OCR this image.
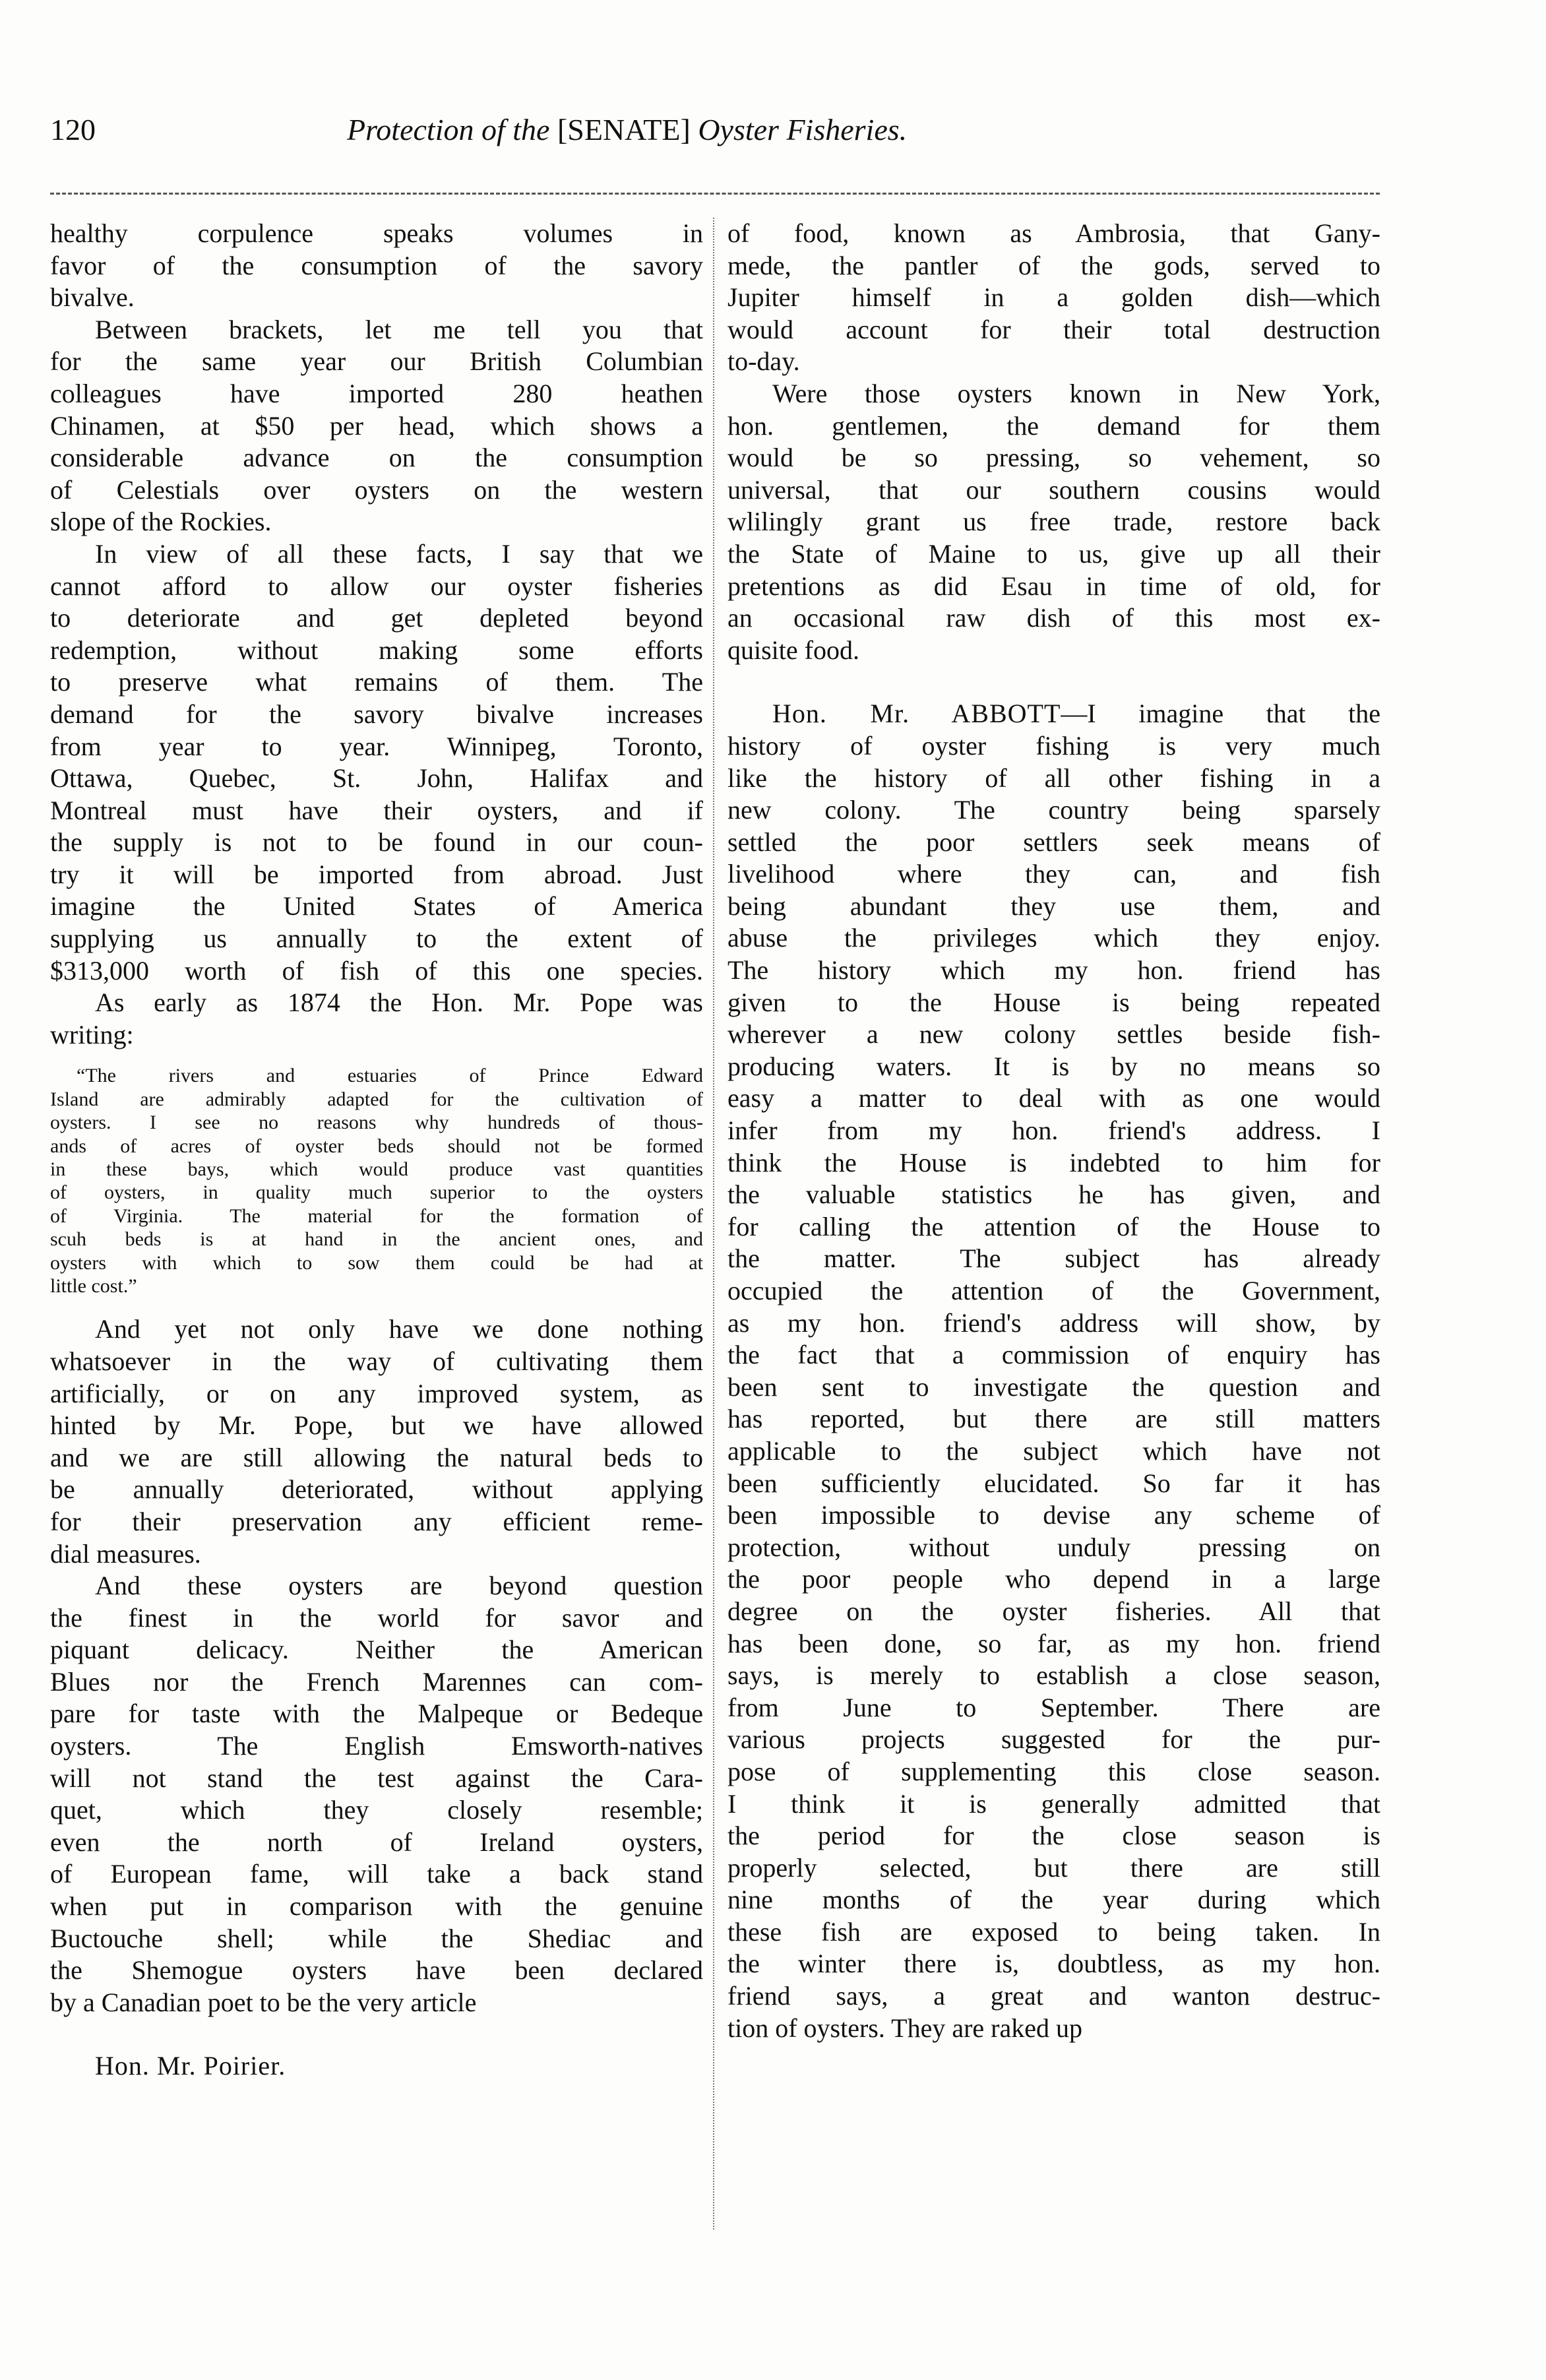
120	Protection of the [SENATE] Oyster Fisheries.
healthy corpulence speaks volumes in
favor of the consumption of the savory
bivalve.
Between brackets, let me tell you that
for the same year our British Columbian
colleagues have imported 280 heathen
Chinamen, at $50 per head, which shows a
considerable advance on the consumption
of Celestials over oysters on the western
slope of the Rockies.
In view of all these facts, I say that we
cannot afford to allow our oyster fisheries
to deteriorate and get depleted beyond
redemption, without making some efforts
to preserve what remains of them. The
demand for the savory bivalve increases
from year to year. Winnipeg, Toronto,
Ottawa, Quebec, St. John, Halifax and
Montreal must have their oysters, and if
the supply is not to be found in our coun-
try it will be imported from abroad. Just
imagine the United States of America
supplying us annually to the extent of
$313,000 worth of fish of this one species.
As early as 1874 the Hon. Mr. Pope was
writing:
“The rivers and estuaries of Prince Edward
Island are admirably adapted for the cultivation of
oysters. I see no reasons why hundreds of thous-
ands of acres of oyster beds should not be formed
in these bays, which would produce vast quantities
of oysters, in quality much superior to the oysters
of Virginia. The material for the formation of
scuh beds is at hand in the ancient ones, and
oysters with which to sow them could be had at
little cost.”
And yet not only have we done nothing
whatsoever in the way of cultivating them
artificially, or on any improved system, as
hinted by Mr. Pope, but we have allowed
and we are still allowing the natural beds to
be annually deteriorated, without applying
for their preservation any efficient reme-
dial measures.
And these oysters are beyond question
the finest in the world for savor and
piquant delicacy. Neither the American
Blues nor the French Marennes can com-
pare for taste with the Malpeque or Bedeque
oysters. The English Emsworth-natives
will not stand the test against the Cara-
quet, which they closely resemble;
even the north of Ireland oysters,
of European fame, will take a back stand
when put in comparison with the genuine
Buctouche shell; while the Shediac and
the Shemogue oysters have been declared
by a Canadian poet to be the very article
Hon. Mr. Poirier.
of food, known as Ambrosia, that Gany-
mede, the pantler of the gods, served to
Jupiter himself in a golden dish—which
would account for their total destruction
to-day.
Were those oysters known in New York,
hon. gentlemen, the demand for them
would be so pressing, so vehement, so
universal, that our southern cousins would
wlilingly grant us free trade, restore back
the State of Maine to us, give up all their
pretentions as did Esau in time of old, for
an occasional raw dish of this most ex-
quisite food.
Hon. Mr. ABBOTT—I imagine that the
history of oyster fishing is very much
like the history of all other fishing in a
new colony. The country being sparsely
settled the poor settlers seek means of
livelihood where they can, and fish
being abundant they use them, and
abuse the privileges which they enjoy.
The history which my hon. friend has
given to the House is being repeated
wherever a new colony settles beside fish-
producing waters. It is by no means so
easy a matter to deal with as one would
infer from my hon. friend's address. I
think the House is indebted to him for
the valuable statistics he has given, and
for calling the attention of the House to
the matter. The subject has already
occupied the attention of the Government,
as my hon. friend's address will show, by
the fact that a commission of enquiry has
been sent to investigate the question and
has reported, but there are still matters
applicable to the subject which have not
been sufficiently elucidated. So far it has
been impossible to devise any scheme of
protection, without unduly pressing on
the poor people who depend in a large
degree on the oyster fisheries. All that
has been done, so far, as my hon. friend
says, is merely to establish a close season,
from June to September. There are
various projects suggested for the pur-
pose of supplementing this close season.
I think it is generally admitted that
the period for the close season is
properly selected, but there are still
nine months of the year during which
these fish are exposed to being taken. In
the winter there is, doubtless, as my hon.
friend says, a great and wanton destruc-
tion of oysters. They are raked up
